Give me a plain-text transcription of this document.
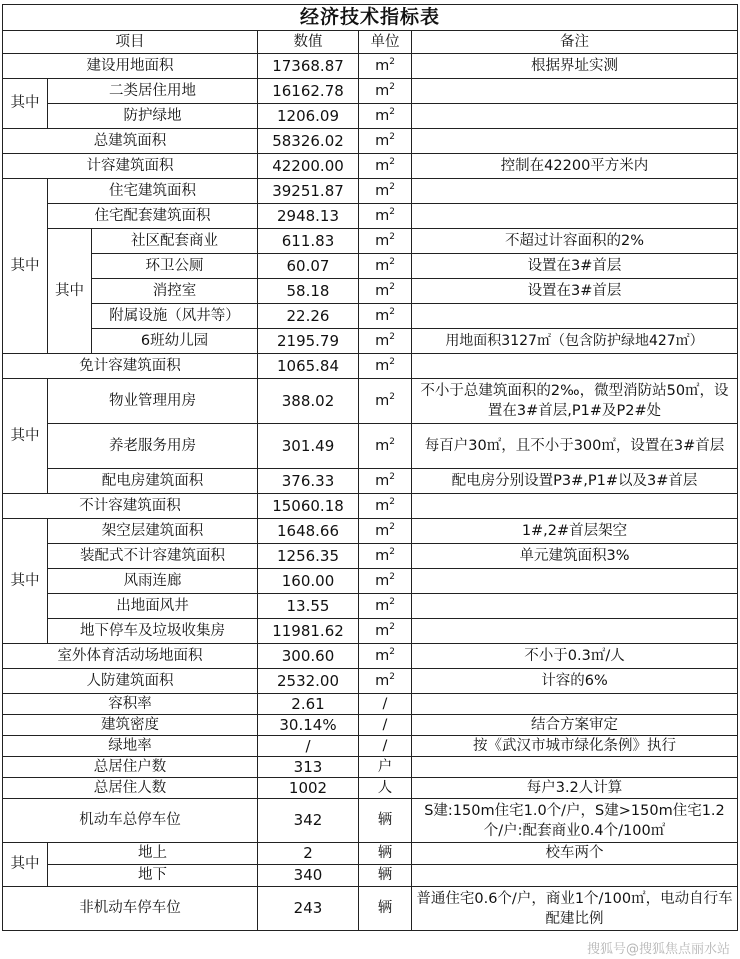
经济技术指标表					
项目			数值	单位	备注
建设用地面积			17368.87	$m^2$	根据界址实测
其中	二类居住用地		16162.78	$m^2$	
	防护绿地		1206.09	$m^2$	
总建筑面积			58326.02	$m^2$	
计容建筑面积			42200.00	$m^2$	控制在42200平方米内
其中	住宅建筑面积		39251.87	$m^2$	
	住宅配套建筑面积		2948.13	$m^2$	
	其中	社区配套商业	611.83	$m^2$	不超过计容面积的2%
		环卫公厕	60.07	$m^2$	设置在3#首层
		消控室	58.18	$m^2$	设置在3#首层
		附属设施（风井等）	22.26	$m^2$	
		6班幼儿园	2195.79	$m^2$	用地面积3127㎡（包含防护绿地427㎡）
免计容建筑面积			1065.84	$m^2$	
其中	物业管理用房		388.02	$m^2$	不小于总建筑面积的2‰，微型消防站50㎡，设置在3#首层,P1#及P2#处
	养老服务用房		301.49	$m^2$	每百户30㎡，且不小于300㎡，设置在3#首层
	配电房建筑面积		376.33	$m^2$	配电房分别设置P3#,P1#以及3#首层
不计容建筑面积			15060.18	$m^2$	
其中	架空层建筑面积		1648.66	$m^2$	1#,2#首层架空
	装配式不计容建筑面积		1256.35	$m^2$	单元建筑面积3%
	风雨连廊		160.00	$m^2$	
	出地面风井		13.55	$m^2$	
	地下停车及垃圾收集房		11981.62	$m^2$	
室外体育活动场地面积			300.60	$m^2$	不小于0.3㎡/人
人防建筑面积			2532.00	$m^2$	计容的6%
容积率			2.61	/	
建筑密度			30.14%	/	结合方案审定
绿地率			/	/	按《武汉市城市绿化条例》执行
总居住户数			313	户	
总居住人数			1002	人	每户3.2人计算
机动车总停车位			342	辆	S建:150m住宅1.0个/户，S建>150m住宅1.2个/户:配套商业0.4个/100㎡
其中	地上		2	辆	校车两个
	地下		340	辆	
非机动车停车位			243	辆	普通住宅0.6个/户，商业1个/100㎡，电动自行车配建比例
搜狐号@搜狐焦点丽水站
